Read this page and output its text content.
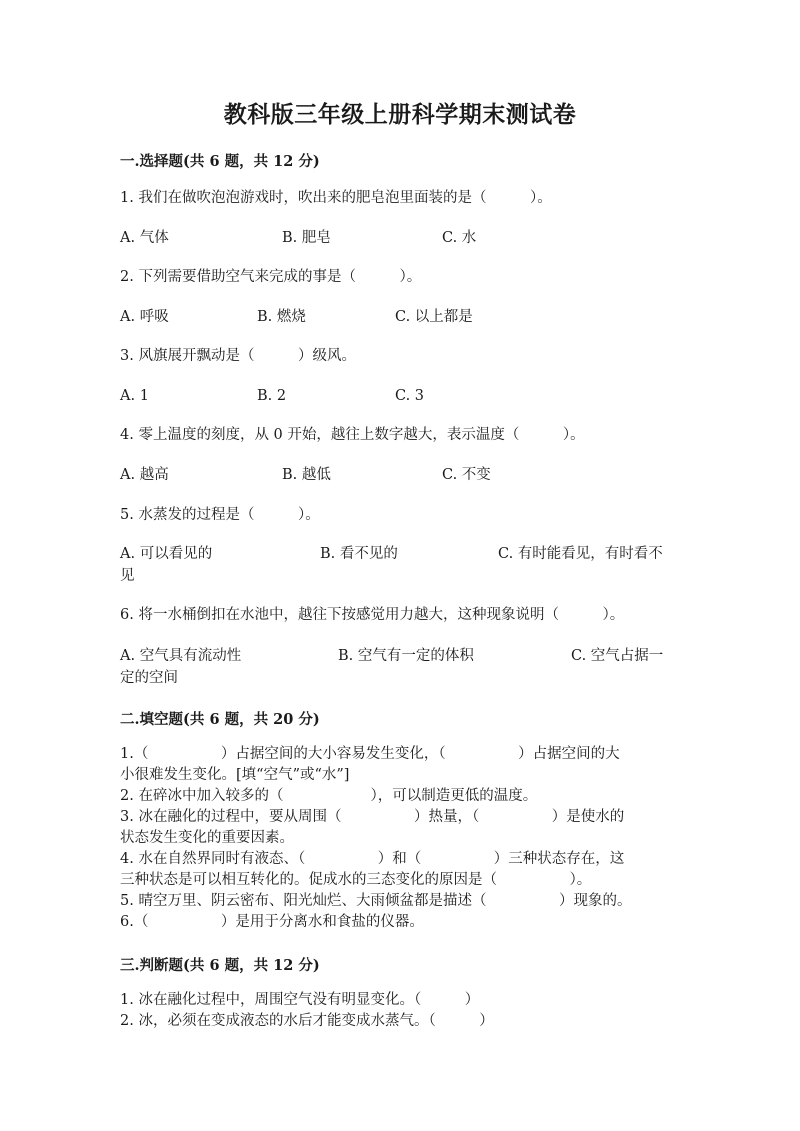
教科版三年级上册科学期末测试卷
一.选择题(共 6 题，共 12 分)
1. 我们在做吹泡泡游戏时，吹出来的肥皂泡里面装的是（　　　）。
A. 气体	B. 肥皂	C. 水
2. 下列需要借助空气来完成的事是（　　　）。
A. 呼吸	B. 燃烧	C. 以上都是
3. 风旗展开飘动是（　　　）级风。
A. 1	B. 2	C. 3
4. 零上温度的刻度，从 0 开始，越往上数字越大，表示温度（　　　）。
A. 越高	B. 越低	C. 不变
5. 水蒸发的过程是（　　　）。
A. 可以看见的	B. 看不见的	C. 有时能看见，有时看不
见
6. 将一水桶倒扣在水池中，越往下按感觉用力越大，这种现象说明（　　　）。
A. 空气具有流动性	B. 空气有一定的体积	C. 空气占据一
定的空间
二.填空题(共 6 题，共 20 分)
1.（　　　　　）占据空间的大小容易发生变化，（　　　　　）占据空间的大
小很难发生变化。[填“空气”或“水”]
2. 在碎冰中加入较多的（　　　　　　），可以制造更低的温度。
3. 冰在融化的过程中，要从周围（　　　　　）热量，（　　　　　）是使水的
状态发生变化的重要因素。
4. 水在自然界同时有液态、（　　　　　）和（　　　　　）三种状态存在，这
三种状态是可以相互转化的。促成水的三态变化的原因是（　　　　　）。
5. 晴空万里、阴云密布、阳光灿烂、大雨倾盆都是描述（　　　　　）现象的。
6.（　　　　　）是用于分离水和食盐的仪器。
三.判断题(共 6 题，共 12 分)
1. 冰在融化过程中，周围空气没有明显变化。（　　　）
2. 冰，必须在变成液态的水后才能变成水蒸气。（　　　）
